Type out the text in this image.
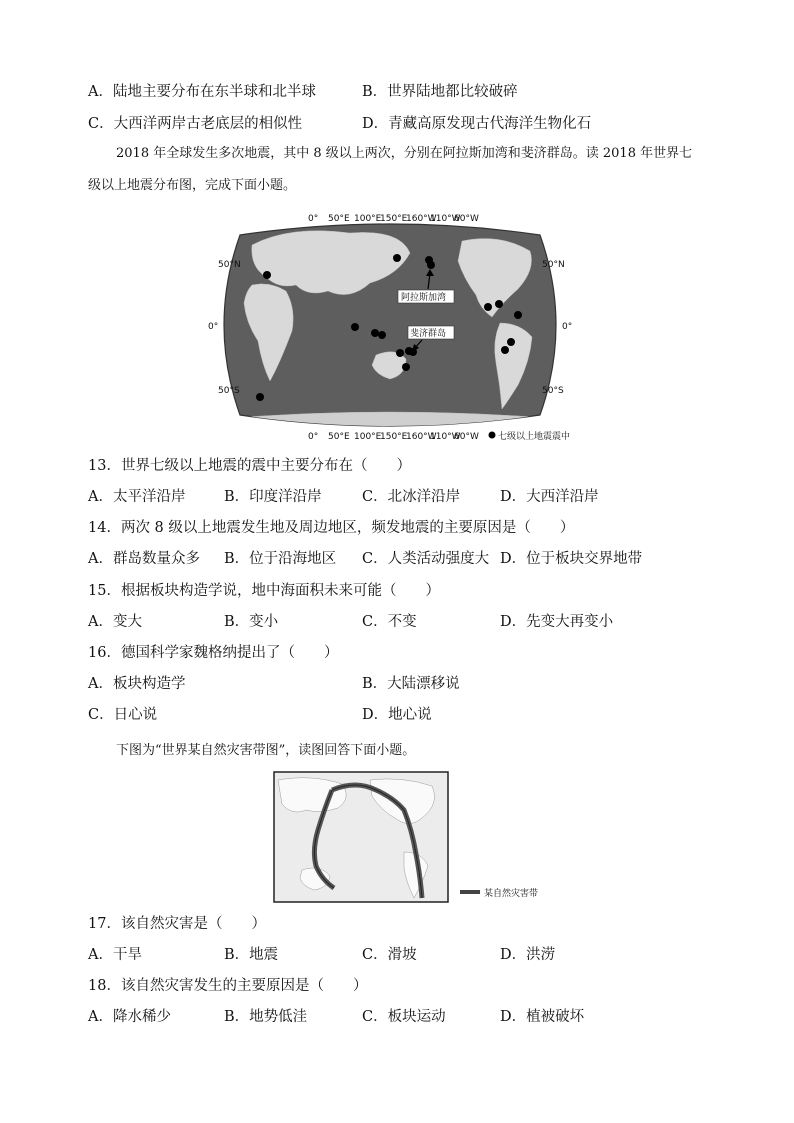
A．陆地主要分布在东半球和北半球	B．世界陆地都比较破碎
C．大西洋两岸古老底层的相似性	D．青藏高原发现古代海洋生物化石
2018 年全球发生多次地震，其中 8 级以上两次，分别在阿拉斯加湾和斐济群岛。读 2018 年世界七
级以上地震分布图，完成下面小题。
0° 50°E 100°E
150°E
160°W
110°W
60°W
50°N
0°
50°S
50°N
0°
50°S
阿拉斯加湾
斐济群岛
0° 50°E 100°E
150°E
160°W
110°W
60°W 七级以上地震震中
13．世界七级以上地震的震中主要分布在（　　）
A．太平洋沿岸	B．印度洋沿岸	C．北冰洋沿岸	D．大西洋沿岸
14．两次 8 级以上地震发生地及周边地区，频发地震的主要原因是（　　）
A．群岛数量众多 B．位于沿海地区 C．人类活动强度大 D．位于板块交界地带
15．根据板块构造学说，地中海面积未来可能（　　）
A．变大	B．变小	C．不变	D．先变大再变小
16．德国科学家魏格纳提出了（　　）
A．板块构造学	B．大陆漂移说
C．日心说	D．地心说
下图为“世界某自然灾害带图”，读图回答下面小题。
某自然灾害带
17．该自然灾害是（　　）
A．干旱	B．地震	C．滑坡	D．洪涝
18．该自然灾害发生的主要原因是（　　）
A．降水稀少	B．地势低洼	C．板块运动	D．植被破坏
